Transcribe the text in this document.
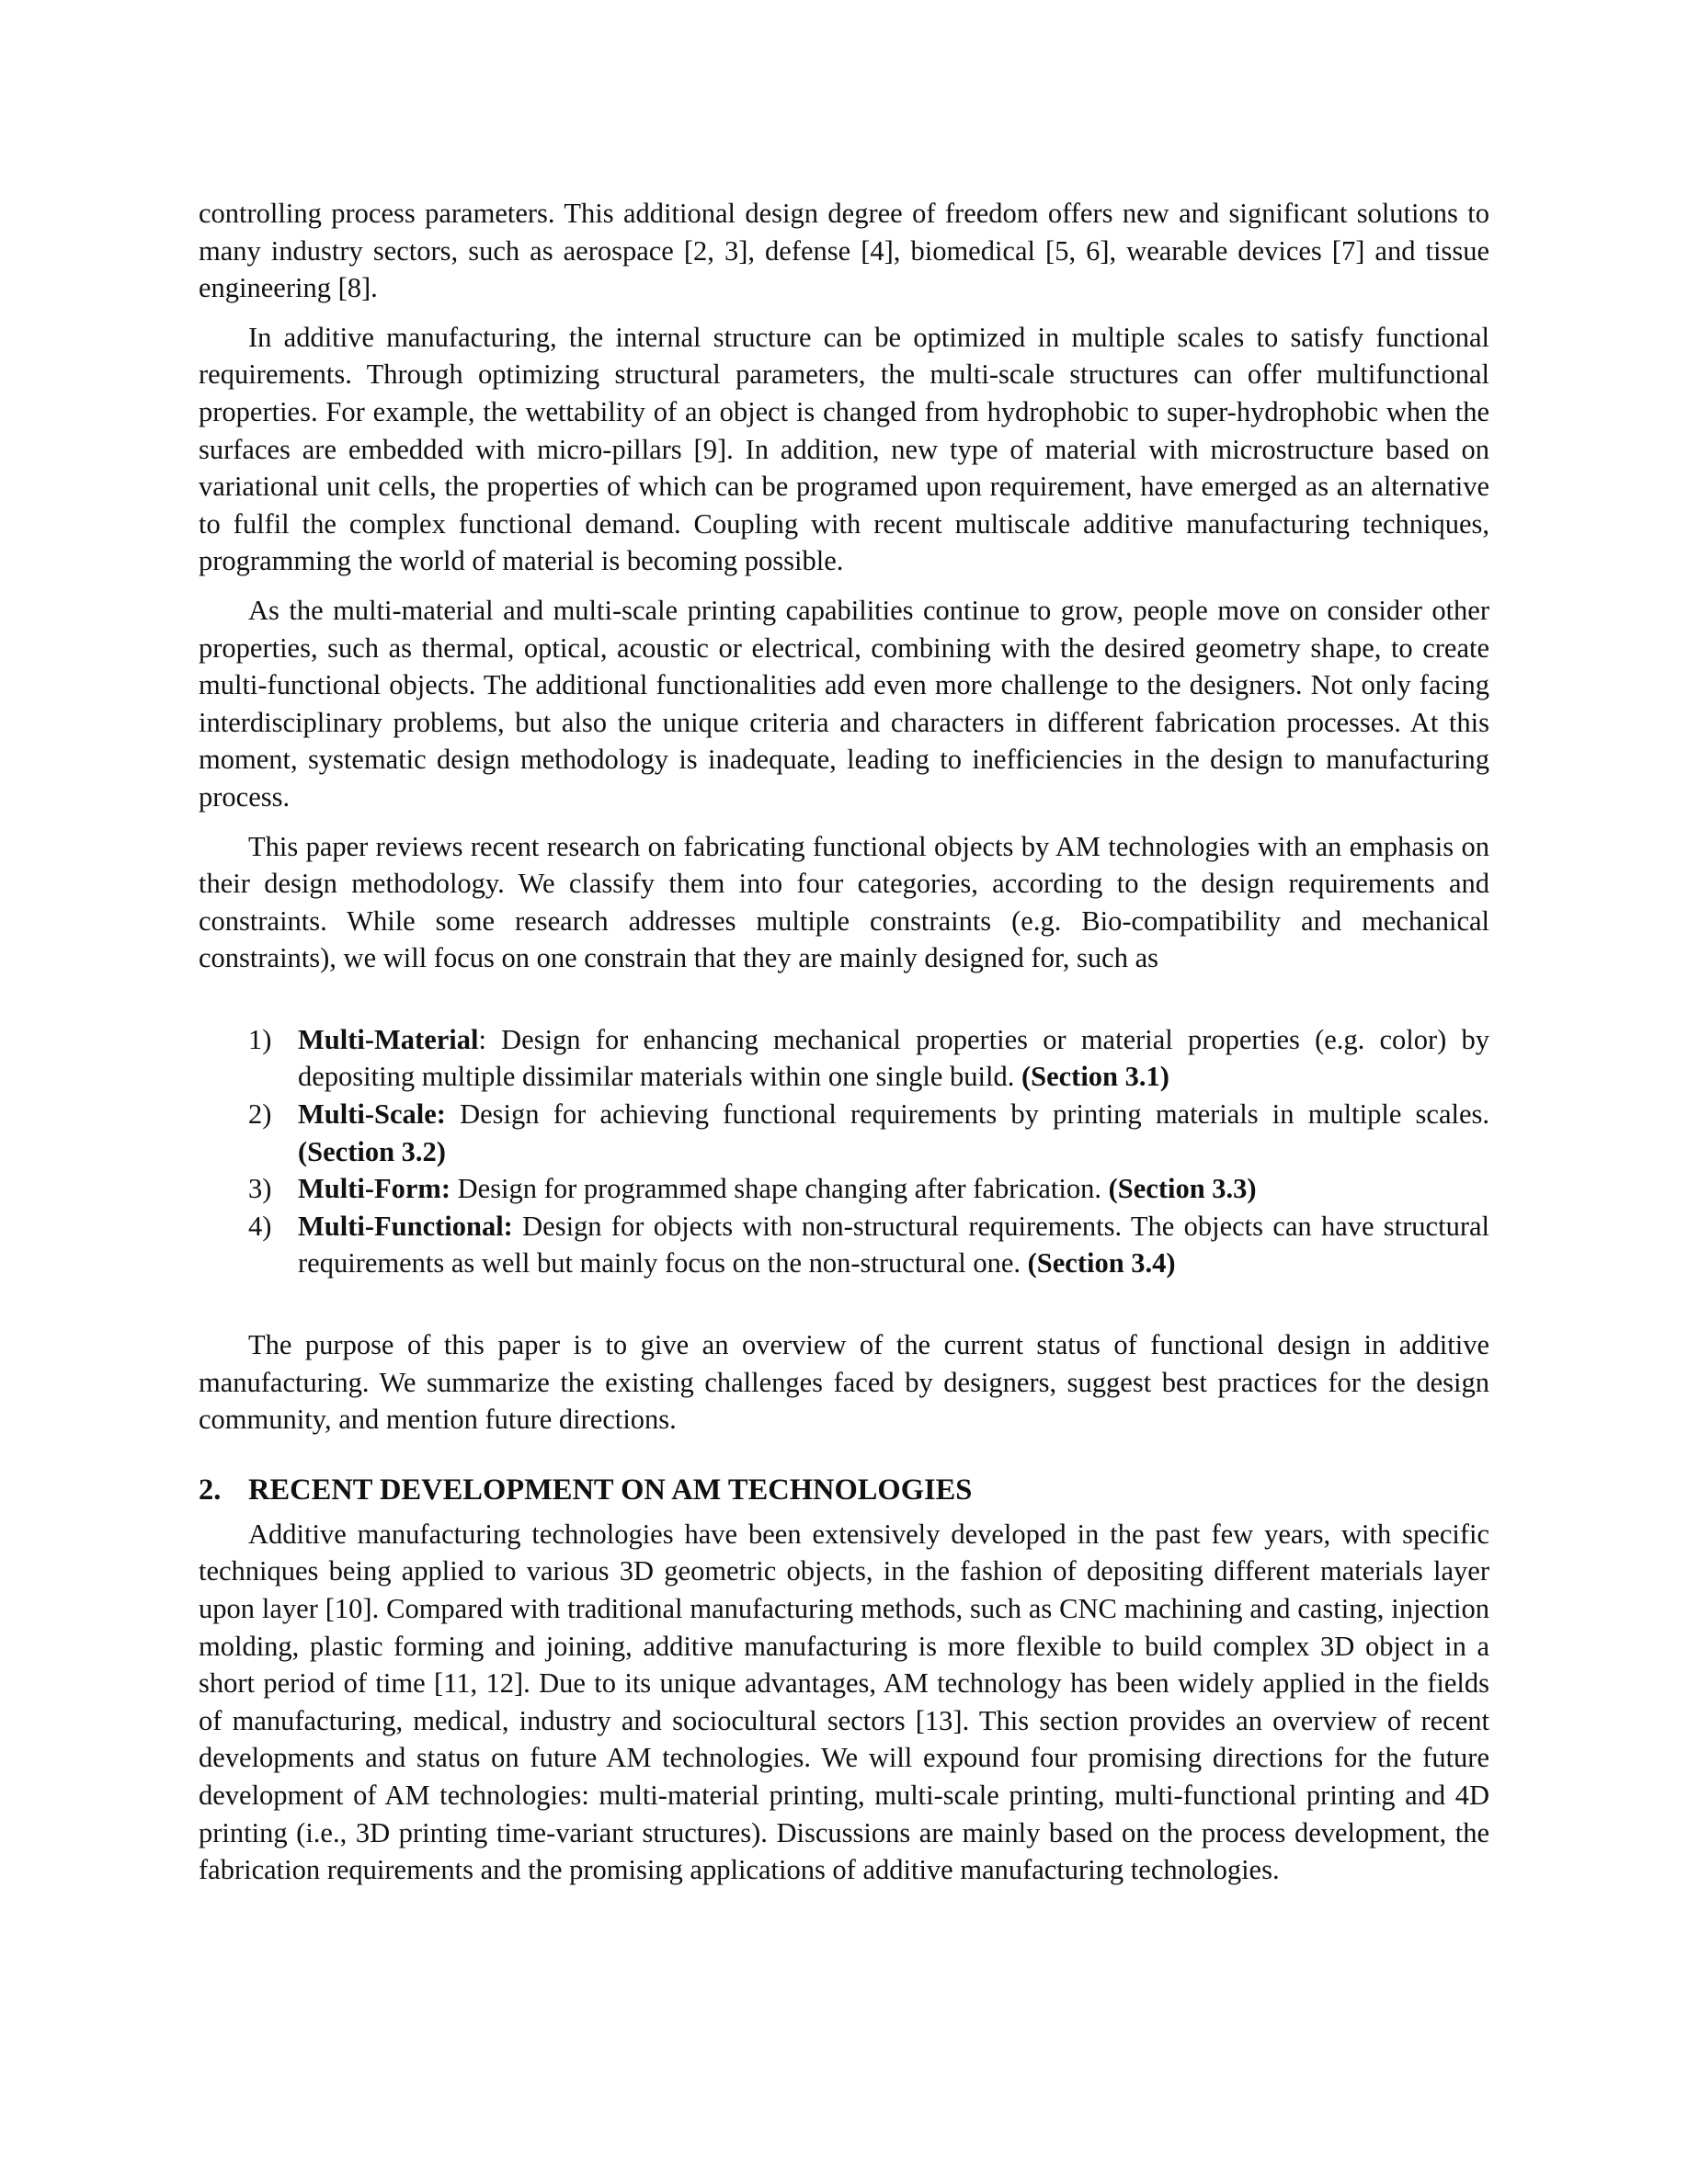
controlling process parameters. This additional design degree of freedom offers new and significant solutions to many industry sectors, such as aerospace [2, 3], defense [4], biomedical [5, 6], wearable devices [7] and tissue engineering [8].

In additive manufacturing, the internal structure can be optimized in multiple scales to satisfy functional requirements. Through optimizing structural parameters, the multi-scale structures can offer multifunctional properties. For example, the wettability of an object is changed from hydrophobic to super-hydrophobic when the surfaces are embedded with micro-pillars [9]. In addition, new type of material with microstructure based on variational unit cells, the properties of which can be programed upon requirement, have emerged as an alternative to fulfil the complex functional demand. Coupling with recent multiscale additive manufacturing techniques, programming the world of material is becoming possible.

As the multi-material and multi-scale printing capabilities continue to grow, people move on consider other properties, such as thermal, optical, acoustic or electrical, combining with the desired geometry shape, to create multi-functional objects. The additional functionalities add even more challenge to the designers. Not only facing interdisciplinary problems, but also the unique criteria and characters in different fabrication processes. At this moment, systematic design methodology is inadequate, leading to inefficiencies in the design to manufacturing process.

This paper reviews recent research on fabricating functional objects by AM technologies with an emphasis on their design methodology. We classify them into four categories, according to the design requirements and constraints. While some research addresses multiple constraints (e.g. Bio-compatibility and mechanical constraints), we will focus on one constrain that they are mainly designed for, such as

1) Multi-Material: Design for enhancing mechanical properties or material properties (e.g. color) by depositing multiple dissimilar materials within one single build. (Section 3.1)
2) Multi-Scale: Design for achieving functional requirements by printing materials in multiple scales. (Section 3.2)
3) Multi-Form: Design for programmed shape changing after fabrication. (Section 3.3)
4) Multi-Functional: Design for objects with non-structural requirements. The objects can have structural requirements as well but mainly focus on the non-structural one. (Section 3.4)

The purpose of this paper is to give an overview of the current status of functional design in additive manufacturing. We summarize the existing challenges faced by designers, suggest best practices for the design community, and mention future directions.

2. RECENT DEVELOPMENT ON AM TECHNOLOGIES

Additive manufacturing technologies have been extensively developed in the past few years, with specific techniques being applied to various 3D geometric objects, in the fashion of depositing different materials layer upon layer [10]. Compared with traditional manufacturing methods, such as CNC machining and casting, injection molding, plastic forming and joining, additive manufacturing is more flexible to build complex 3D object in a short period of time [11, 12]. Due to its unique advantages, AM technology has been widely applied in the fields of manufacturing, medical, industry and sociocultural sectors [13]. This section provides an overview of recent developments and status on future AM technologies. We will expound four promising directions for the future development of AM technologies: multi-material printing, multi-scale printing, multi-functional printing and 4D printing (i.e., 3D printing time-variant structures). Discussions are mainly based on the process development, the fabrication requirements and the promising applications of additive manufacturing technologies.
